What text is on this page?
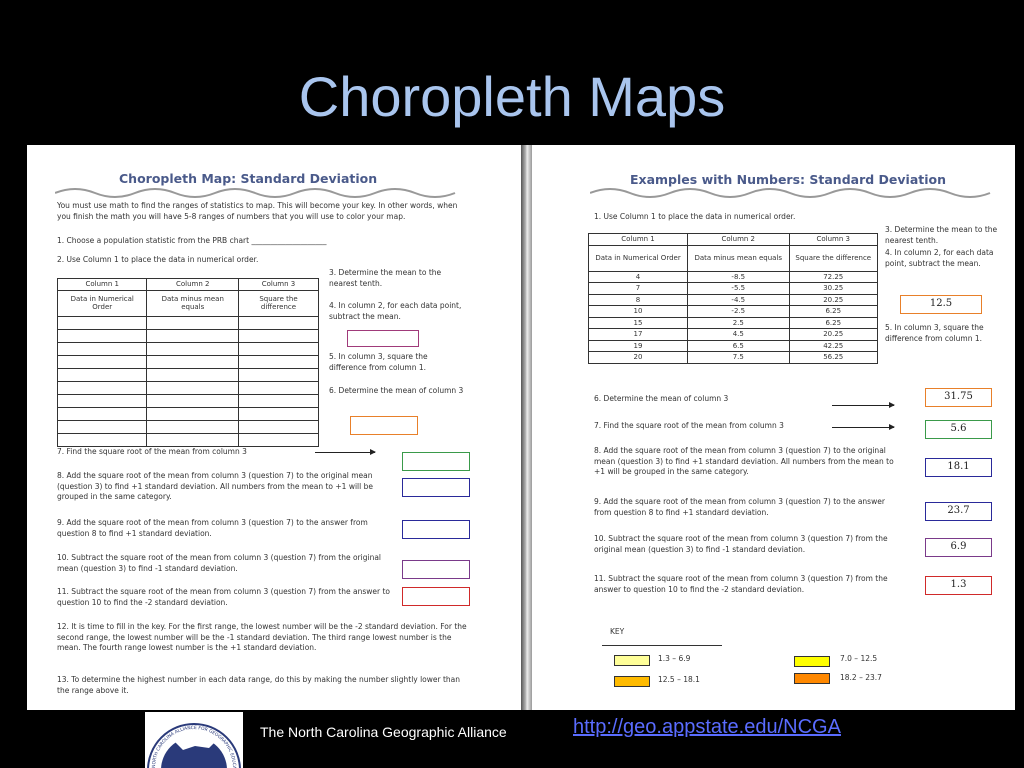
Choropleth Maps
Choropleth Map: Standard Deviation
You must use math to find the ranges of statistics to map. This will become your key. In other words, when you finish the math you will have 5-8 ranges of numbers that you will use to color your map.
1. Choose a population statistic from the PRB chart ____________________
2. Use Column 1 to place the data in numerical order.
Column 1	Column 2	Column 3
Data in Numerical Order	Data minus mean equals	Square the difference

3. Determine the mean to the nearest tenth.
4. In column 2, for each data point, subtract the mean.
5. In column 3, square the difference from column 1.
6. Determine the mean of column 3
7. Find the square root of the mean from column 3
8. Add the square root of the mean from column 3 (question 7) to the original mean (question 3) to find +1 standard deviation. All numbers from the mean to +1 will be grouped in the same category.
9. Add the square root of the mean from column 3 (question 7) to the answer from question 8 to find +1 standard deviation.
10. Subtract the square root of the mean from column 3 (question 7) from the original mean (question 3) to find -1 standard deviation.
11. Subtract the square root of the mean from column 3 (question 7) from the answer to question 10 to find the -2 standard deviation.
12. It is time to fill in the key. For the first range, the lowest number will be the -2 standard deviation. For the second range, the lowest number will be the -1 standard deviation. The third range lowest number is the mean. The fourth range lowest number is the +1 standard deviation.
13. To determine the highest number in each data range, do this by making the number slightly lower than the range above it.
Examples with Numbers: Standard Deviation
1. Use Column 1 to place the data in numerical order.
Column 1	Column 2	Column 3
Data in Numerical Order	Data minus mean equals	Square the difference
4	-8.5	72.25
7	-5.5	30.25
8	-4.5	20.25
10	-2.5	6.25
15	2.5	6.25
17	4.5	20.25
19	6.5	42.25
20	7.5	56.25
3. Determine the mean to the nearest tenth.
4. In column 2, for each data point, subtract the mean.
12.5
5. In column 3, square the difference from column 1.
6. Determine the mean of column 3	31.75
7. Find the square root of the mean from column 3	5.6
8. Add the square root of the mean from column 3 (question 7) to the original mean (question 3) to find +1 standard deviation. All numbers from the mean to +1 will be grouped in the same category.	18.1
9. Add the square root of the mean from column 3 (question 7) to the answer from question 8 to find +1 standard deviation.	23.7
10. Subtract the square root of the mean from column 3 (question 7) from the original mean (question 3) to find -1 standard deviation.	6.9
11. Subtract the square root of the mean from column 3 (question 7) from the answer to question 10 to find the -2 standard deviation.	1.3
KEY
1.3 – 6.9	7.0 – 12.5
12.5 – 18.1	18.2 – 23.7
NORTH CAROLINA ALLIANCE FOR GEOGRAPHIC EDUCA
The North Carolina Geographic Alliance	http://geo.appstate.edu/NCGA
